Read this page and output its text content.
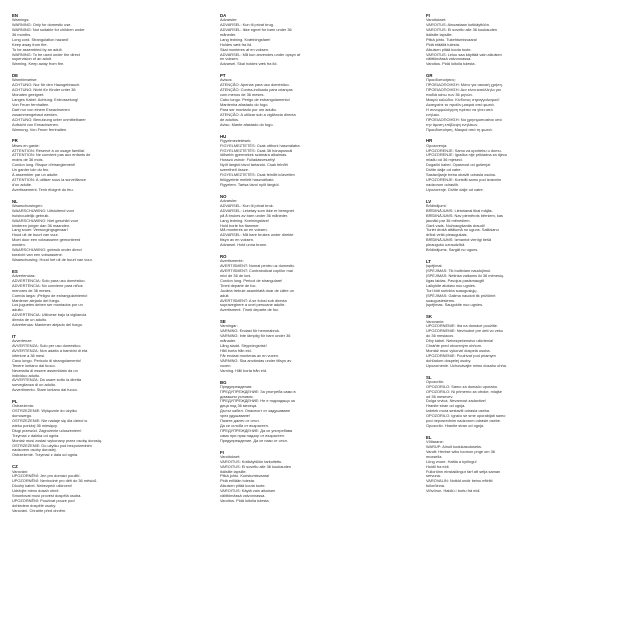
EN
Warnings:
WARNING: Only for domestic use.
WARNING: Not suitable for children under
36 months.
Long cord. Strangulation hazard!
Keep away from fire.
To be assembled by an adult.
WARNING: To be used under the direct
supervision of an adult.
Warning. Keep away from fire.
DE
Warnhinweise:
ACHTUNG: Nur für den Hausgebrauch.
ACHTUNG: Nicht für Kinder unter 36
Monaten geeignet.
Langes Kabel. Achtung: Erdrosselung!
Von Feuer fernhalten.
Darf nur von einem Erwachsenen
zusammengebaut werden.
ACHTUNG: Benutzung unter unmittelbarer
Aufsicht von Erwachsenen.
Warnung. Von Feuer fernhalten.
FR
Mises en garde:
ATTENTION: Réservé à un usage familial.
ATTENTION: Ne convient pas aux enfants de
moins de 36 mois.
Cordon long. Risque d'étranglement!
Un garder loin du feu.
À assembler par un adulte.
ATTENTION: À utiliser sous la surveillance
d'un adulte.
Avertissement. Tenir éloigné du feu.
NL
Waarschuwingen:
WAARSCHUWING: Uitsluitend voor
huishoudelijk gebruik.
WAARSCHUWING: Niet geschikt voor
kinderen jonger dan 36 maanden.
Lang snoer. Verwurgingsgevaar!
Houd uit de buurt van vuur.
Moet door een volwassene gemonteerd
worden.
WAARSCHUWING: gebruik onder direct
toezicht van een volwassene.
Waarschuwing. Houd het uit de buurt van vuur.
ES
Advertencias:
ADVERTENCIA: Solo para uso doméstico.
ADVERTENCIA: No conviene para niños
menores de 36 meses.
Cuerda larga: ¡Peligro de estrangulamiento!
Mantener alejado del fuego.
Los juguetes deben ser montados por un
adulto.
ADVERTENCIA: Utilícese bajo la vigilancia
directa de un adulto.
Advertencia: Mantener alejado del fuego.
IT
Avvertenze:
AVVERTENZA: Solo per uso domestico.
AVVERTENZA: Non adatto a bambini di età
inferiore a 36 mesi.
Cavo lungo. Pericolo di strangolamento!
Tenere lontano dal fuoco.
Necessita di essere assemblato da un
individuo adulto.
AVVERTENZA: Da usare sotto la diretta
sorveglianza di un adulto.
Avvertimento. Stare lontano dal fuoco.
PL
Ostrzeżenia:
OSTRZEŻENIE: Wyłącznie do użytku
domowego.
OSTRZEŻENIE: Nie nadaje się dla dzieci w
wieku poniżej 36 miesięcy.
Długi przewód. Zagrożenie uduszeniem!
Trzymać z daleka od ognia.
Montaż musi zostać wykonany przez osobę dorosłą.
OSTRZEŻENIE: Do użytku pod bezpośrednim
nadzorem osoby dorosłej.
Ostrzeżenie. Trzymać z dala od ognia.
CZ
Varování:
UPOZORNĚNÍ: Jen pro domácí použití.
UPOZORNĚNÍ: Nevhodné pro děti do 36 měsíců.
Dlouhý kabel. Nebezpečí uškrcení!
Udržujte mimo dosah ohně.
Smontovat musí provést dospělá osoba.
UPOZORNĚNÍ: Používat pouze pod
dohledem dospělé osoby.
Varování. Chraňte před ohněm.
DA
Advarsler:
ADVARSEL: Kun til privat brug.
ADVARSEL: Ikke egnet for børn under 36
måneder.
Lang ledning. Kvælningsfare!
Holdes væk fra ild.
Skal monteres af en voksen.
ADVARSEL: Må kun anvendes under opsyn af
en voksen.
Advarsel. Skal holdes væk fra ild.
PT
Avisos:
ATENÇÃO: Apenas para uso doméstico.
ATENÇÃO: Contra-indicado para crianças
com menos de 36 meses.
Cabo longo. Perigo de estrangulamento!
Mantenha afastado do fogo.
Para ser montado por um adulto.
ATENÇÃO: A utilizar sob a vigilância directa
de adultos.
Aviso. Mante afastado do fogo.
HU
Figyelmeztetések:
FIGYELMEZTETÉS: Csak otthoni használatra.
FIGYELMEZTETÉS: Csak 36 hónaposnál
idősebb gyermekek számára alkalmas.
Hosszú zsinór: Fulladásveszély!
Nyílt lángtól távol tartandó. Csak felnőtt
szerelheti össze.
FIGYELMEZTETÉS: Csak felnőtt közvetlen
felügyelete mellett használható.
Figyelem. Tartsa távol nyílt lángtól.
NO
Advarsler:
ADVARSEL: Kun til privat bruk.
ADVARSEL: Leketøy som ikke er beregnet
på å brukes av barn under 36 måneder.
Lang ledning. Kvelningsfare!
Hold borte fra flammer.
Må monteres av en voksen.
ADVARSEL: Må bare brukes under direkte
tilsyn av en voksen.
Advarsel. Hold unna brann.
RO
Avertismente:
AVERTISMENT: Numai pentru uz domestic.
AVERTISMENT: Contraindicat copiilor mai
mici de 36 de luni.
Cordon lung. Pericol de strangulare!
Țineți departe de foc.
Jucăria trebuie asamblată doar de către un
adult.
AVERTISMENT: A se folosi sub directa
supraveghere a unei persoane adulte.
Avertisment. Țineți departe de foc.
SE
Varningar:
VARNING: Endast för hemmabruk.
VARNING: Inte lämplig för barn under 36
månader.
Lång sladd. Strypningsrisk!
Håll borta från eld.
Får endast monteras av en vuxen.
VARNING: Ska användas under tillsyn av
vuxen.
Varning. Håll borta från eld.
BG
Предупреждения:
ПРЕДУПРЕЖДЕНИЕ: За употреба само в
домашни условия.
ПРЕДУПРЕЖДЕНИЕ: Не е подходящо за
деца под 36 месеца.
Дълъг кабел. Опасност от задушаване
чрез удушаване!
Пазете далеч от огън.
Да се сглоби от възрастен.
ПРЕДУПРЕЖДЕНИЕ: Да се употребява
само при пряк надзор от възрастен.
Предупреждение. Да се пази от огън.
FI
Varoitukset:
VAROITUS: Kotikäyttöön tarkoitettu.
VAROITUS: Ei sovellu alle 36 kuukauden
ikäisille lapsille.
Pitkä johto. Kuristumisvaara!
Pidä erillään tulesta.
Aikuisen pitää koota tuote.
VAROITUS: Käytä vain aikuisen
välittömässä valvonnassa.
Varoitus. Pidä loitolla tulesta.
FI
Varoitukset:
VAROITUS: Ainoastaan kotikäyttöön.
VAROITUS: Ei sovellu alle 36 kuukauden
ikäisille lapsille.
Pitkä johto. Tukehtumisvaara!
Pidä etäällä tulesta.
Aikuisen pitää koota tuote.
VAROITUS: Leluu saa käyttää vain aikuisen
välittömässä valvonnassa.
Varoitus. Pidä loitolla tulesta.
GR
Προειδοποιήσεις:
ΠΡΟΕΙΔΟΠΟΙΗΣΗ: Μόνο για οικιακή χρήση.
ΠΡΟΕΙΔΟΠΟΙΗΣΗ: Δεν είναι κατάλληλο για
παιδιά κάτω των 36 μηνών.
Μακρύ καλώδιο. Κίνδυνος στραγγαλισμού!
Διατηρείτε το προϊόν μακριά από φωτιά.
Η συναρμολόγηση πρέπει να γίνει από
ενήλικα.
ΠΡΟΕΙΔΟΠΟΙΗΣΗ: Να χρησιμοποιείται υπό
την άμεση επίβλεψη ενηλίκων.
Προειδοποίηση. Μακριά από τη φωτιά.
HR
Opozorenja:
UPOZORENJE: Samo za upotrebu u domu.
UPOZORENJE: Igračka nije prikladna za djecu
mlađu od 36 mjeseci.
Dugački kabel. Opasnost od gušenja!
Držite dalje od vatre.
Sastavljanje treba obaviti odrasla osoba.
UPOZORENJE: Koristiti samo pod izravnim
nadzorom odraslih.
Upozorenje. Držite dalje od vatre.
LV
Brīdinājumi:
BRĪDINĀJUMS: Lietošanai tikai mājās.
BRĪDINĀJUMS: Nav piemērots bērniem, kas
jaunāki par 36 mēnešiem.
Garš vads. Nožņaugšanās draudi!
Turiet drošā attālumā no uguns. Salikšanu
drīkst veikt pieaugušais.
BRĪDINĀJUMS: Izmantot vienīgi tiešā
pieaugušo uzraudzībā.
Brīdinājums. Sargāt no uguns.
LT
Įspėjimai:
ĮSPĖJIMAS: Tik buitiniam naudojimui.
ĮSPĖJIMAS: Netinka vaikams iki 36 mėnesių.
Ilgas laidas. Pavojus pasismaugti!
Laikykite atokiau nuo ugnies.
Turi būti surinkta suaugusiųjų.
ĮSPĖJIMAS: Galima naudoti tik prižiūrint
suaugusiesiems.
Įspėjimas. Saugokite nuo ugnies.
SK
Varovanie:
UPOZORNENIE: Iba na domáce použitie.
UPOZORNENIE: Nevhodné pre deti vo veku
do 36 mesiacov.
Dlhý kábel. Nebezpečenstvo uškrtenia!
Chráňte pred otvoreným ohňom.
Montáž musí vykonať dospelá osoba.
UPOZORNENIE: Používať pod priamym
dohľadom dospelej osoby.
Upozornenie. Uchovávajte mimo dosahu ohňa.
SL
Opozorila:
OPOZORILO: Samo za domačo uporabo.
OPOZORILO: Ni primerno za otroke, mlajše
od 36 mesecev.
Dolga vrvica. Nevarnost zadavitve!
Hranite stran od ognja.
Izdelek mora sestaviti odrasla oseba.
OPOZORILO: Igračo se sme uporabljati samo
pod neposrednim nadzorom odrasle osebe.
Opozorilo. Hranite stran od ognja.
EL
Võltarane:
WARUP: Ainult kodukasutuseks.
Varuft: Hentse wiks toomon pnge om 36
muxsella.
Lüng vnure. Hattia a kyrlingu!
Hoidil fra eldi.
Fulloröinn einstaklingur farf aft setja saman
sérvuna.
VAROVALIN: Notkid undir beinu eftirliti
fullorðinna.
Viðvörun. Haldiú í burtu frá eldi.
